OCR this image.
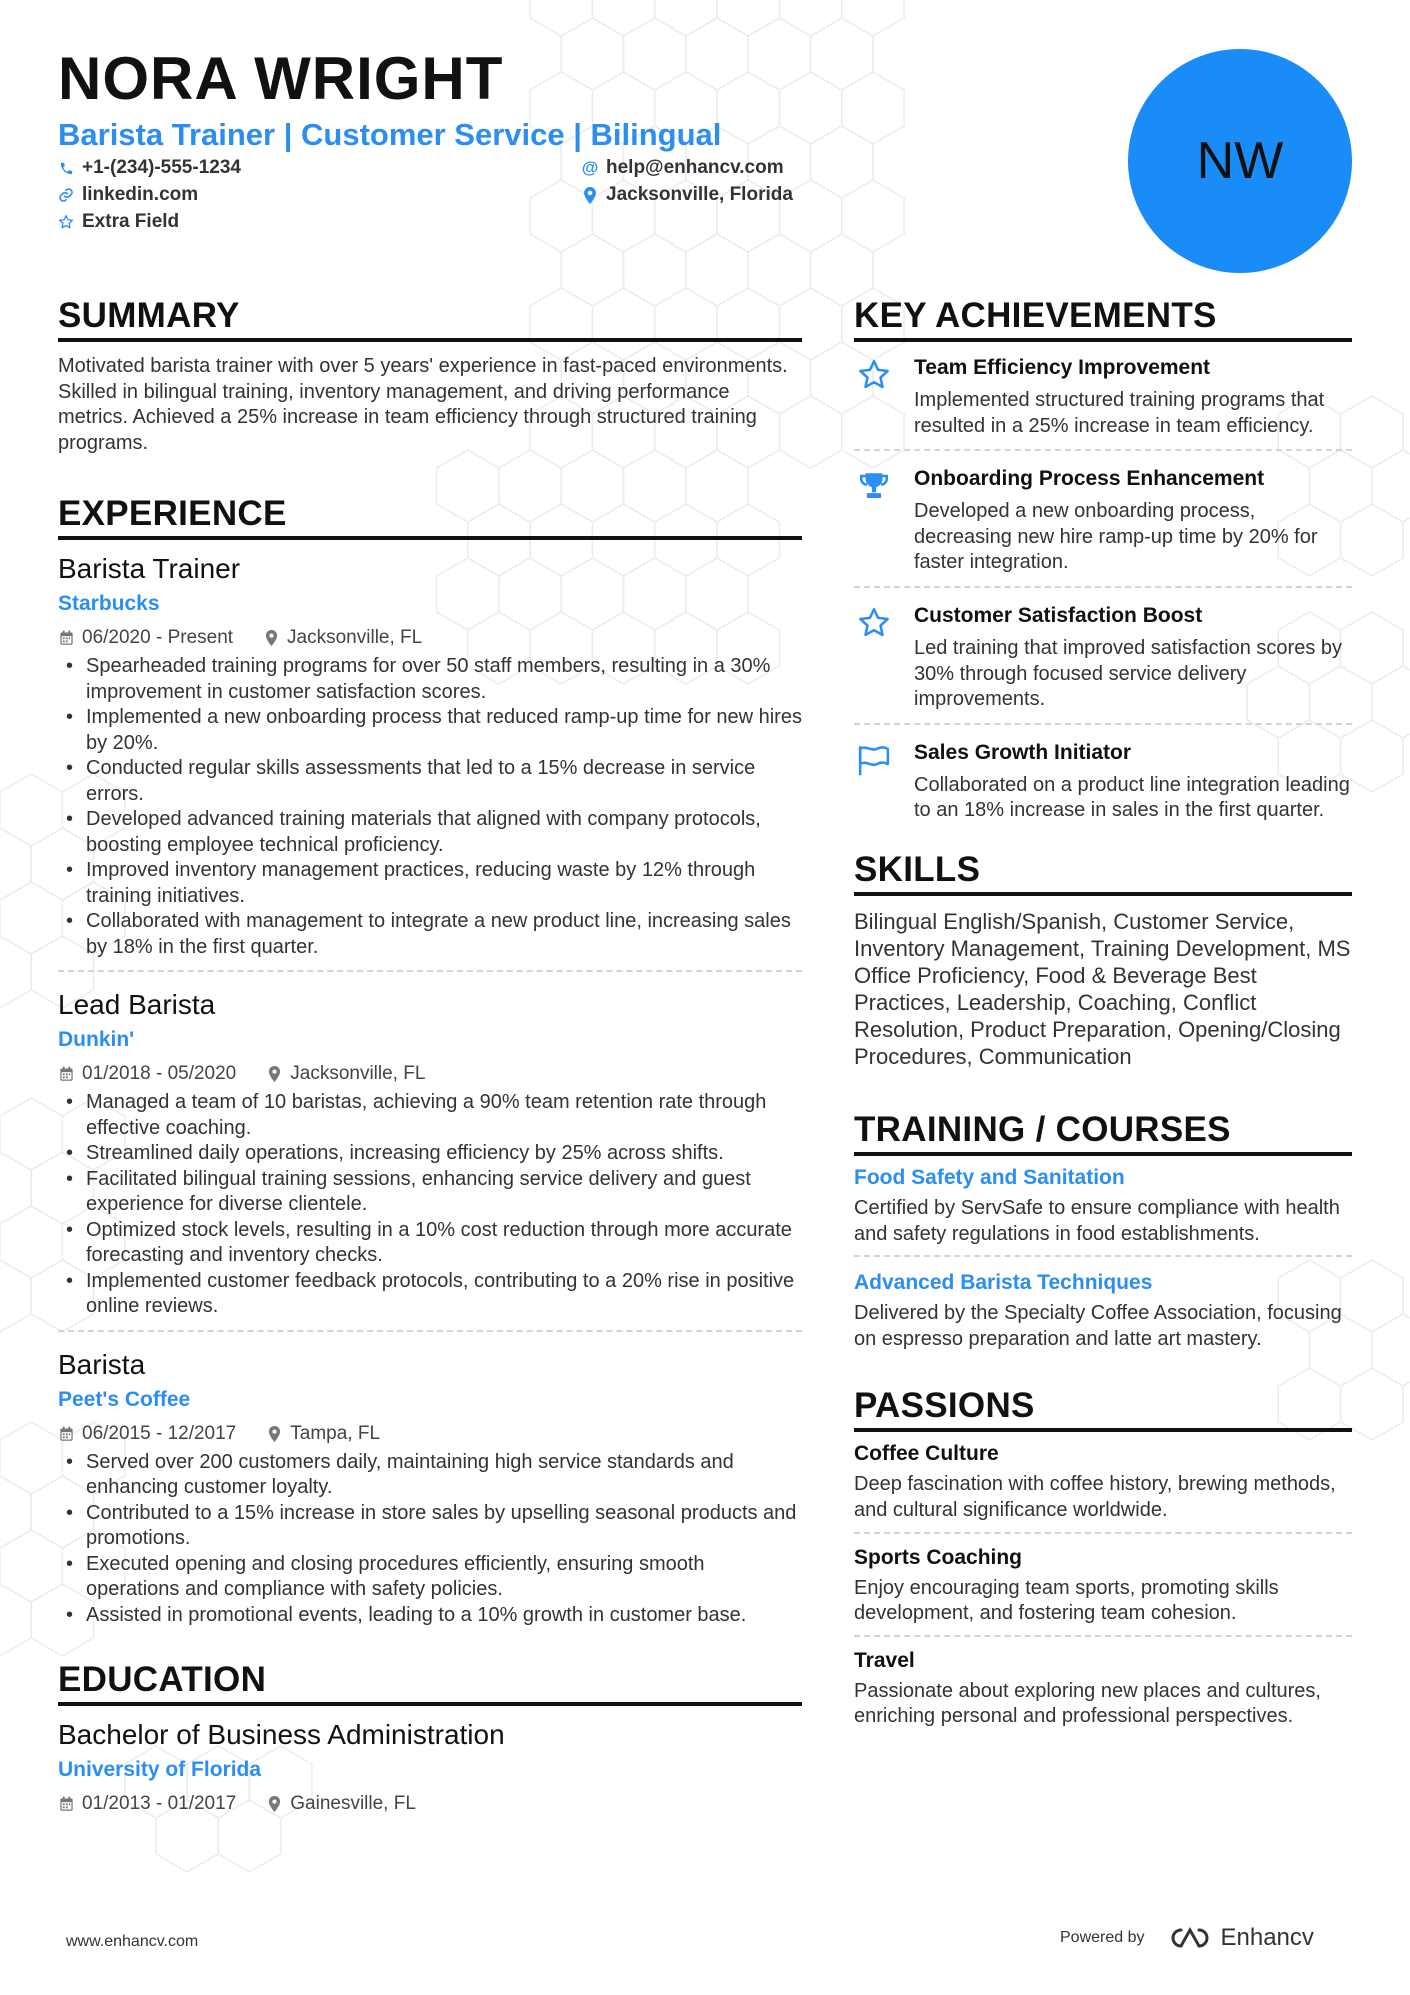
NORA WRIGHT
Barista Trainer | Customer Service | Bilingual
+1-(234)-555-1234	@ help@enhancv.com
linkedin.com	Jacksonville, Florida
Extra Field
NW
SUMMARY
Motivated barista trainer with over 5 years' experience in fast-paced environments. Skilled in bilingual training, inventory management, and driving performance metrics. Achieved a 25% increase in team efficiency through structured training programs.
EXPERIENCE
Barista Trainer
Starbucks
06/2020 - Present	Jacksonville, FL
• Spearheaded training programs for over 50 staff members, resulting in a 30% improvement in customer satisfaction scores.
• Implemented a new onboarding process that reduced ramp-up time for new hires by 20%.
• Conducted regular skills assessments that led to a 15% decrease in service errors.
• Developed advanced training materials that aligned with company protocols, boosting employee technical proficiency.
• Improved inventory management practices, reducing waste by 12% through training initiatives.
• Collaborated with management to integrate a new product line, increasing sales by 18% in the first quarter.
Lead Barista
Dunkin'
01/2018 - 05/2020	Jacksonville, FL
• Managed a team of 10 baristas, achieving a 90% team retention rate through effective coaching.
• Streamlined daily operations, increasing efficiency by 25% across shifts.
• Facilitated bilingual training sessions, enhancing service delivery and guest experience for diverse clientele.
• Optimized stock levels, resulting in a 10% cost reduction through more accurate forecasting and inventory checks.
• Implemented customer feedback protocols, contributing to a 20% rise in positive online reviews.
Barista
Peet's Coffee
06/2015 - 12/2017	Tampa, FL
• Served over 200 customers daily, maintaining high service standards and enhancing customer loyalty.
• Contributed to a 15% increase in store sales by upselling seasonal products and promotions.
• Executed opening and closing procedures efficiently, ensuring smooth operations and compliance with safety policies.
• Assisted in promotional events, leading to a 10% growth in customer base.
EDUCATION
Bachelor of Business Administration
University of Florida
01/2013 - 01/2017	Gainesville, FL
KEY ACHIEVEMENTS
Team Efficiency Improvement
Implemented structured training programs that resulted in a 25% increase in team efficiency.
Onboarding Process Enhancement
Developed a new onboarding process, decreasing new hire ramp-up time by 20% for faster integration.
Customer Satisfaction Boost
Led training that improved satisfaction scores by 30% through focused service delivery improvements.
Sales Growth Initiator
Collaborated on a product line integration leading to an 18% increase in sales in the first quarter.
SKILLS
Bilingual English/Spanish, Customer Service, Inventory Management, Training Development, MS Office Proficiency, Food & Beverage Best Practices, Leadership, Coaching, Conflict Resolution, Product Preparation, Opening/Closing Procedures, Communication
TRAINING / COURSES
Food Safety and Sanitation
Certified by ServSafe to ensure compliance with health and safety regulations in food establishments.
Advanced Barista Techniques
Delivered by the Specialty Coffee Association, focusing on espresso preparation and latte art mastery.
PASSIONS
Coffee Culture
Deep fascination with coffee history, brewing methods, and cultural significance worldwide.
Sports Coaching
Enjoy encouraging team sports, promoting skills development, and fostering team cohesion.
Travel
Passionate about exploring new places and cultures, enriching personal and professional perspectives.
www.enhancv.com	Powered by	Enhancv
